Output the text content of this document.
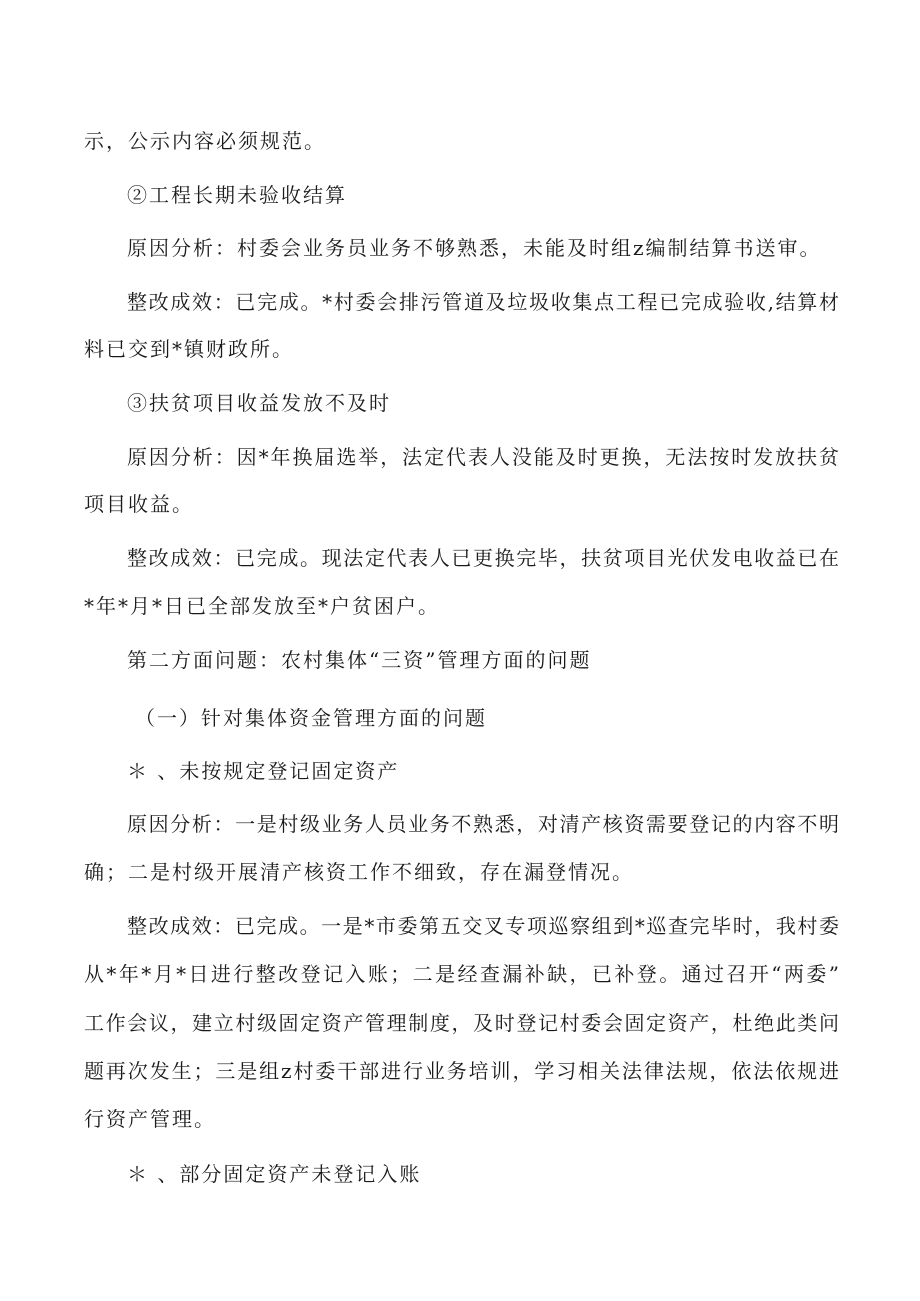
示，公示内容必须规范。
②工程长期未验收结算
原因分析：村委会业务员业务不够熟悉，未能及时组z编制结算书送审。
整改成效：已完成。*村委会排污管道及垃圾收集点工程已完成验收,结算材
料已交到*镇财政所。
③扶贫项目收益发放不及时
原因分析：因*年换届选举，法定代表人没能及时更换，无法按时发放扶贫
项目收益。
整改成效：已完成。现法定代表人已更换完毕，扶贫项目光伏发电收益已在
*年*月*日已全部发放至*户贫困户。
第二方面问题：农村集体“三资”管理方面的问题
（一）针对集体资金管理方面的问题
＊ 、未按规定登记固定资产
原因分析：一是村级业务人员业务不熟悉，对清产核资需要登记的内容不明
确；二是村级开展清产核资工作不细致，存在漏登情况。
整改成效：已完成。一是*市委第五交叉专项巡察组到*巡查完毕时，我村委
从*年*月*日进行整改登记入账；二是经查漏补缺，已补登。通过召开“两委”
工作会议，建立村级固定资产管理制度，及时登记村委会固定资产，杜绝此类问
题再次发生；三是组z村委干部进行业务培训，学习相关法律法规，依法依规进
行资产管理。
＊ 、部分固定资产未登记入账
